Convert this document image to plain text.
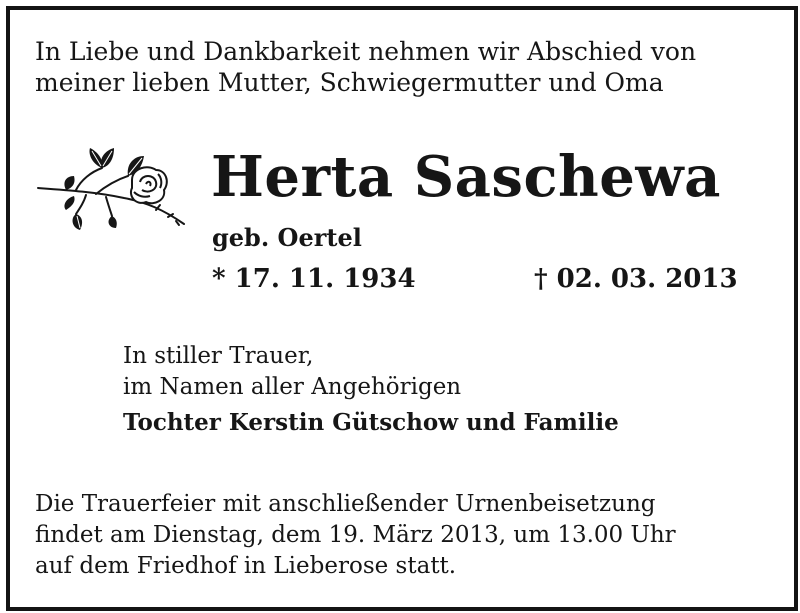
In Liebe und Dankbarkeit nehmen wir Abschied von
meiner lieben Mutter, Schwiegermutter und Oma

Herta Saschewa

geb. Oertel

* 17. 11. 1934	† 02. 03. 2013

In stiller Trauer,
im Namen aller Angehörigen

Tochter Kerstin Gütschow und Familie

Die Trauerfeier mit anschließender Urnenbeisetzung
findet am Dienstag, dem 19. März 2013, um 13.00 Uhr
auf dem Friedhof in Lieberose statt.
